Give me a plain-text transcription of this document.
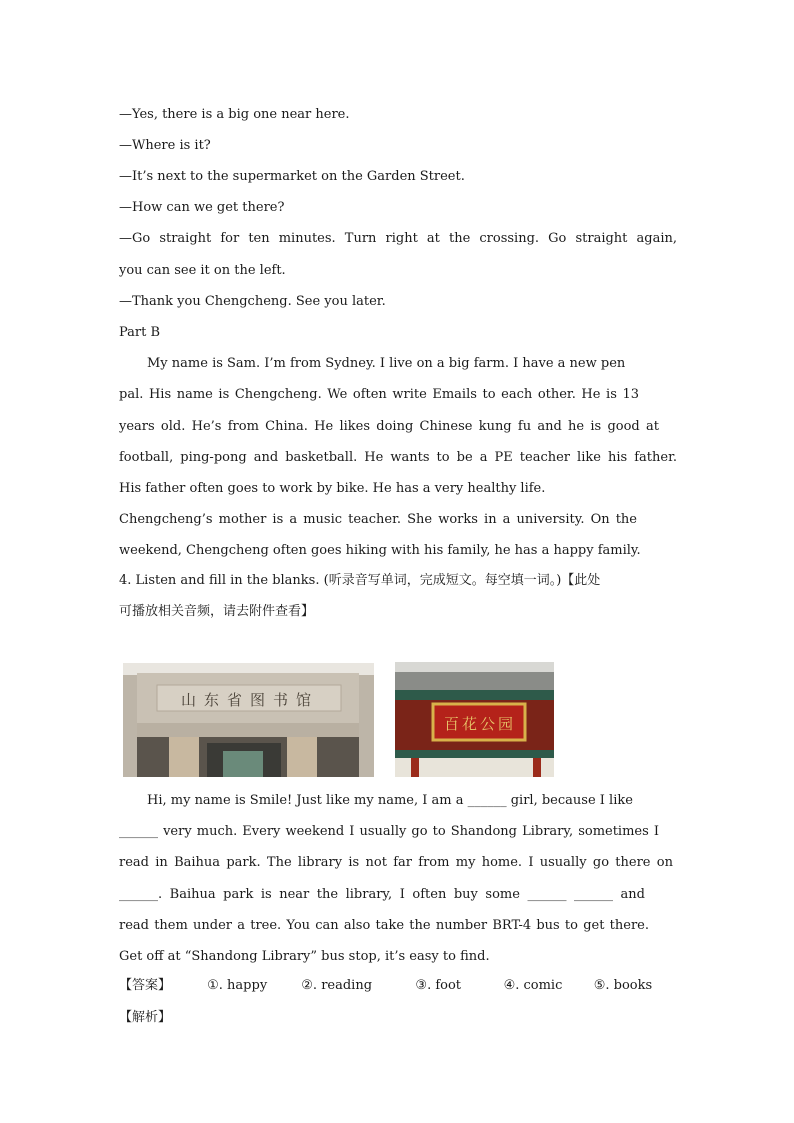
—Yes, there is a big one near here.
—Where is it?
—It’s next to the supermarket on the Garden Street.
—How can we get there?
—Go straight for ten minutes. Turn right at the crossing. Go straight again,
you can see it on the left.
—Thank you Chengcheng. See you later.
Part B
My name is Sam. I’m from Sydney. I live on a big farm. I have a new pen
pal. His name is Chengcheng. We often write Emails to each other. He is 13
years old. He’s from China. He likes doing Chinese kung fu and he is good at
football, ping-pong and basketball. He wants to be a PE teacher like his father.
His father often goes to work by bike. He has a very healthy life.
Chengcheng’s mother is a music teacher. She works in a university. On the
weekend, Chengcheng often goes hiking with his family, he has a happy family.
4. Listen and fill in the blanks. (听录音写单词，完成短文。每空填一词。)【此处
可播放相关音频，请去附件查看】
山东省图书馆
百花公园
Hi, my name is Smile! Just like my name, I am a ______ girl, because I like
______ very much. Every weekend I usually go to Shandong Library, sometimes I
read in Baihua park. The library is not far from my home. I usually go there on
______. Baihua park is near the library, I often buy some ______ ______ and
read them under a tree. You can also take the number BRT-4 bus to get there.
Get off at “Shandong Library” bus stop, it’s easy to find.
【答案】	①. happy	②. reading	③. foot	④. comic ⑤. books
【解析】
